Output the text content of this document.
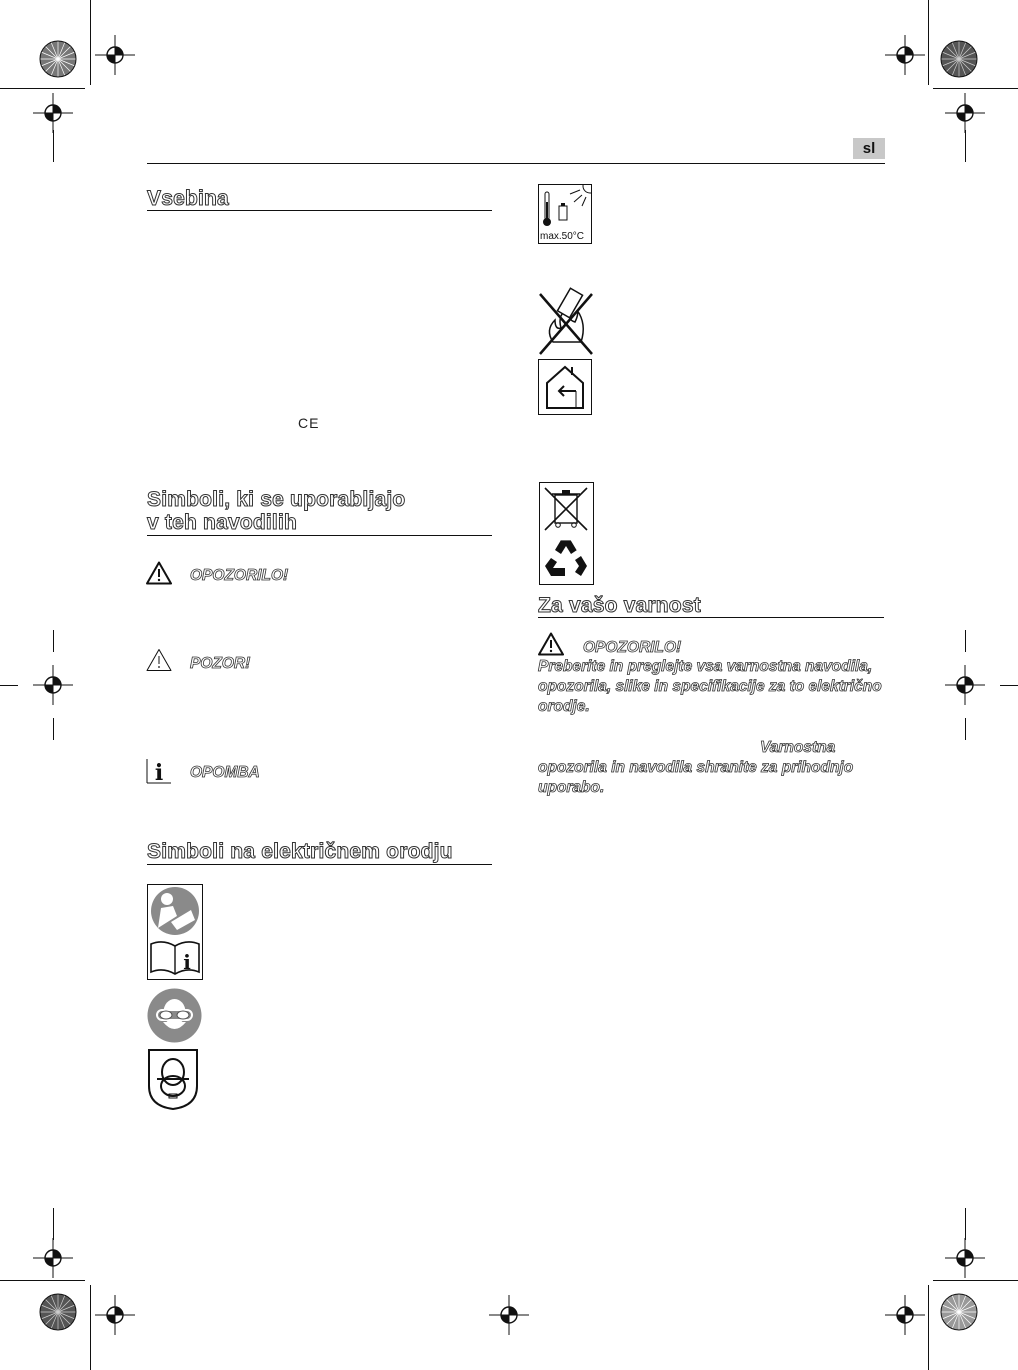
sl
Vsebina
CE
Simboli, ki se uporabljajo
v teh navodilih
OPOZORILO!
POZOR!
i OPOMBA
Simboli na električnem orodju
i
max.50°C
Za vašo varnost
OPOZORILO!
Preberite in preglejte vsa varnostna navodila, opozorila, slike in specifikacije za to električno orodje.
Varnostna
opozorila in navodila shranite za prihodnjo uporabo.
